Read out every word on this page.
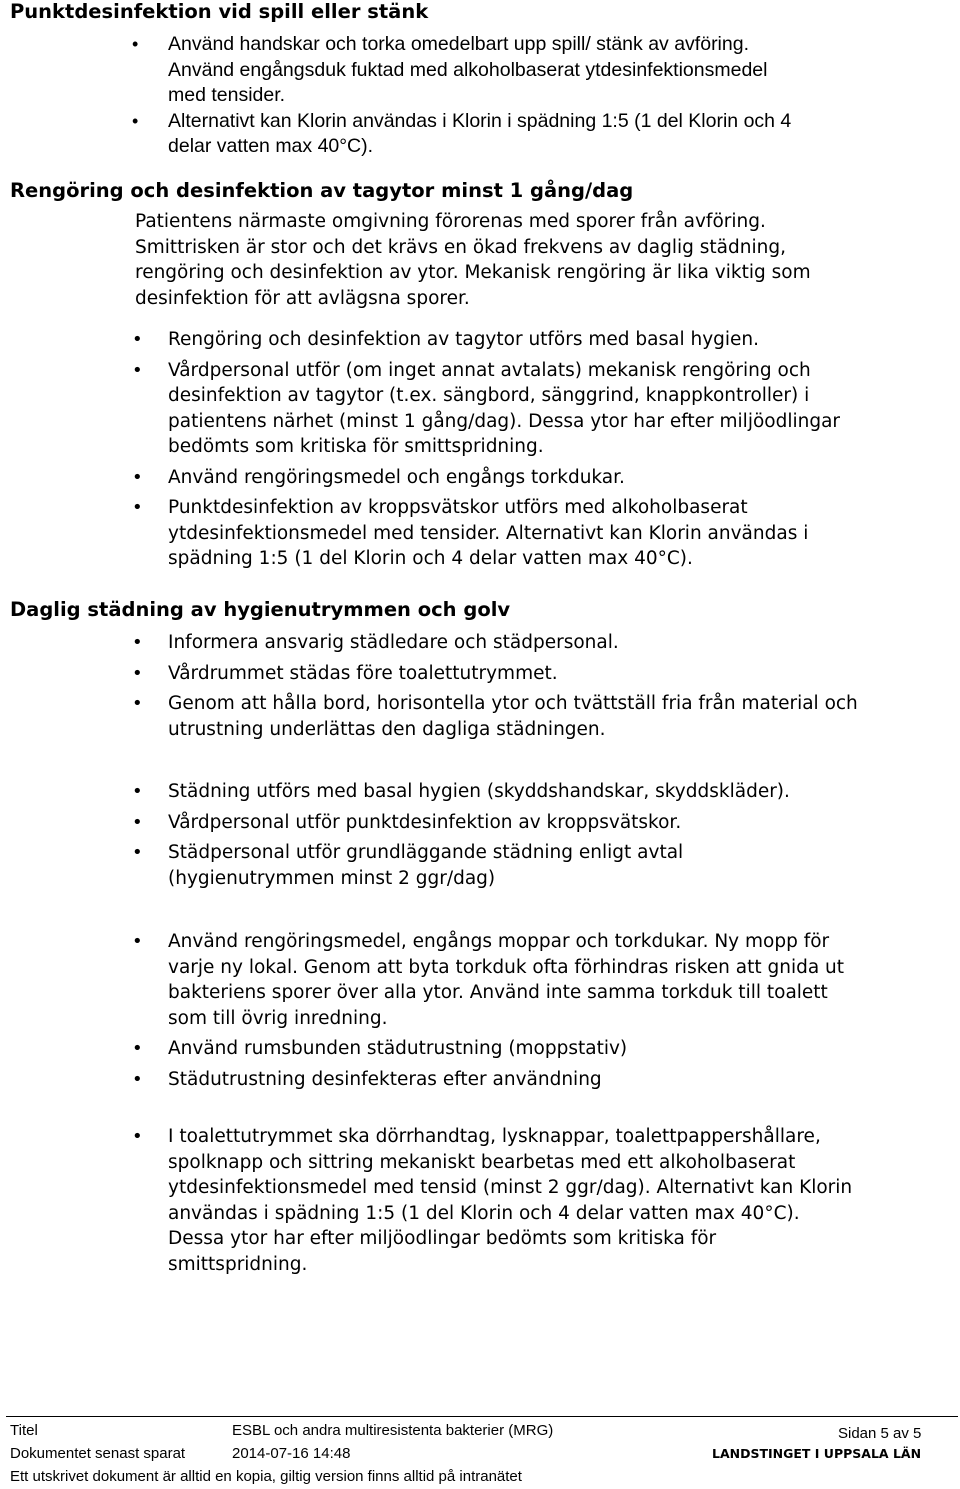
Punktdesinfektion vid spill eller stänk
• Använd handskar och torka omedelbart upp spill/ stänk av avföring.
Använd engångsduk fuktad med alkoholbaserat ytdesinfektionsmedel
med tensider.
• Alternativt kan Klorin användas i Klorin i spädning 1:5 (1 del Klorin och 4
delar vatten max 40°C).
Rengöring och desinfektion av tagytor minst 1 gång/dag

Patientens närmaste omgivning förorenas med sporer från avföring.
Smittrisken är stor och det krävs en ökad frekvens av daglig städning,
rengöring och desinfektion av ytor. Mekanisk rengöring är lika viktig som
desinfektion för att avlägsna sporer.

• Rengöring och desinfektion av tagytor utförs med basal hygien.
• Vårdpersonal utför (om inget annat avtalats) mekanisk rengöring och
desinfektion av tagytor (t.ex. sängbord, sänggrind, knappkontroller) i
patientens närhet (minst 1 gång/dag). Dessa ytor har efter miljöodlingar
bedömts som kritiska för smittspridning.
• Använd rengöringsmedel och engångs torkdukar.
• Punktdesinfektion av kroppsvätskor utförs med alkoholbaserat
ytdesinfektionsmedel med tensider. Alternativt kan Klorin användas i
spädning 1:5 (1 del Klorin och 4 delar vatten max 40°C).
Daglig städning av hygienutrymmen och golv
• Informera ansvarig städledare och städpersonal.
• Vårdrummet städas före toalettutrymmet.
• Genom att hålla bord, horisontella ytor och tvättställ fria från material och
utrustning underlättas den dagliga städningen.
• Städning utförs med basal hygien (skyddshandskar, skyddskläder).
• Vårdpersonal utför punktdesinfektion av kroppsvätskor.
• Städpersonal utför grundläggande städning enligt avtal
(hygienutrymmen minst 2 ggr/dag)
• Använd rengöringsmedel, engångs moppar och torkdukar. Ny mopp för
varje ny lokal. Genom att byta torkduk ofta förhindras risken att gnida ut
bakteriens sporer över alla ytor. Använd inte samma torkduk till toalett
som till övrig inredning.
• Använd rumsbunden städutrustning (moppstativ)
• Städutrustning desinfekteras efter användning
• I toalettutrymmet ska dörrhandtag, lysknappar, toalettpappershållare,
spolknapp och sittring mekaniskt bearbetas med ett alkoholbaserat
ytdesinfektionsmedel med tensid (minst 2 ggr/dag). Alternativt kan Klorin
användas i spädning 1:5 (1 del Klorin och 4 delar vatten max 40°C).
Dessa ytor har efter miljöodlingar bedömts som kritiska för
smittspridning.
Titel	ESBL och andra multiresistenta bakterier (MRG)
Dokumentet senast sparat	2014-07-16 14:48
Sidan 5 av 5
LANDSTINGET I UPPSALA LÄN
Ett utskrivet dokument är alltid en kopia, giltig version finns alltid på intranätet
